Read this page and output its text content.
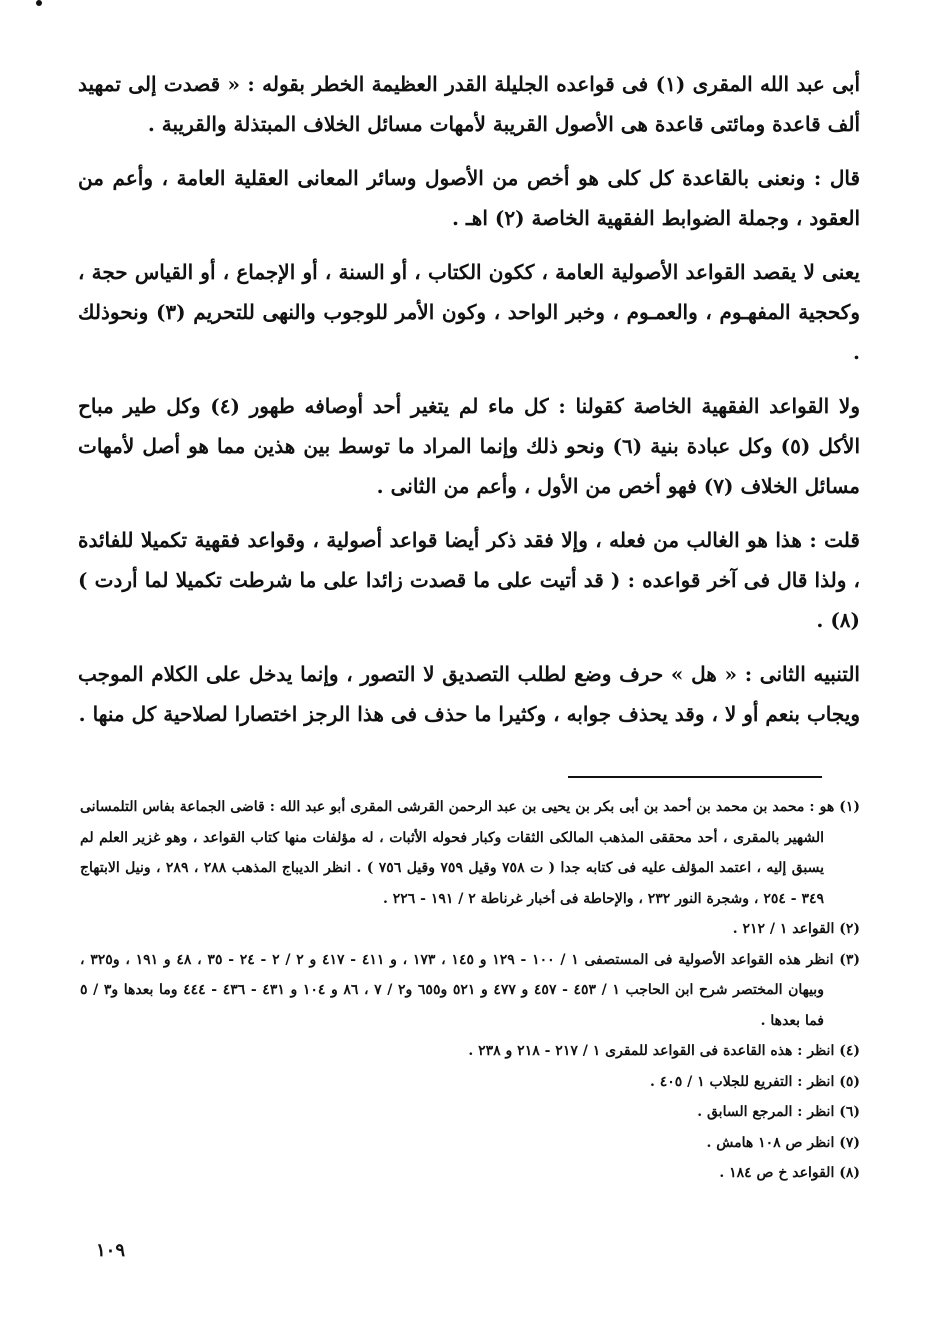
أبى عبد الله المقرى (١) فى قواعده الجليلة القدر العظيمة الخطر بقوله : « قصدت إلى تمهيد ألف قاعدة ومائتى قاعدة هى الأصول القريبة لأمهات مسائل الخلاف المبتذلة والقريبة .

قال : ونعنى بالقاعدة كل كلى هو أخص من الأصول وسائر المعانى العقلية العامة ، وأعم من العقود ، وجملة الضوابط الفقهية الخاصة (٢) اهـ .

يعنى لا يقصد القواعد الأصولية العامة ، ككون الكتاب ، أو السنة ، أو الإجماع ، أو القياس حجة ، وكحجية المفهـوم ، والعمـوم ، وخبر الواحد ، وكون الأمر للوجوب والنهى للتحريم (٣) ونحوذلك .

ولا القواعد الفقهية الخاصة كقولنا : كل ماء لم يتغير أحد أوصافه طهور (٤) وكل طير مباح الأكل (٥) وكل عبادة بنية (٦) ونحو ذلك وإنما المراد ما توسط بين هذين مما هو أصل لأمهات مسائل الخلاف (٧) فهو أخص من الأول ، وأعم من الثانى .

قلت : هذا هو الغالب من فعله ، وإلا فقد ذكر أيضا قواعد أصولية ، وقواعد فقهية تكميلا للفائدة ، ولذا قال فى آخر قواعده : ( قد أتيت على ما قصدت زائدا على ما شرطت تكميلا لما أردت ) (٨) .

التنبيه الثانى : « هل » حرف وضع لطلب التصديق لا التصور ، وإنما يدخل على الكلام الموجب ويجاب بنعم أو لا ، وقد يحذف جوابه ، وكثيرا ما حذف فى هذا الرجز اختصارا لصلاحية كل منها .

(١) هو : محمد بن محمد بن أحمد بن أبى بكر بن يحيى بن عبد الرحمن القرشى المقرى أبو عبد الله : قاضى الجماعة بفاس التلمسانى الشهير بالمقرى ، أحد محققى المذهب المالكى الثقات وكبار فحوله الأثبات ، له مؤلفات منها كتاب القواعد ، وهو غزير العلم لم يسبق إليه ، اعتمد المؤلف عليه فى كتابه جدا ( ت ٧٥٨ وقيل ٧٥٩ وقيل ٧٥٦ ) . انظر الديباج المذهب ٢٨٨ ، ٢٨٩ ، ونيل الابتهاج ٣٤٩ - ٢٥٤ ، وشجرة النور ٢٣٢ ، والإحاطة فى أخبار غرناطة ٢ / ١٩١ - ٢٢٦ .

(٢) القواعد ١ / ٢١٢ .

(٣) انظر هذه القواعد الأصولية فى المستصفى ١ / ١٠٠ - ١٢٩ و ١٤٥ ، ١٧٣ ، و ٤١١ - ٤١٧ و ٢ / ٢ - ٢٤ - ٣٥ ، ٤٨ و ١٩١ ، و٣٢٥ ، وبيهان المختصر شرح ابن الحاجب ١ / ٤٥٣ - ٤٥٧ و ٤٧٧ و ٥٢١ و٦٥٥ و٢ / ٧ ، ٨٦ و ١٠٤ و ٤٣١ - ٤٣٦ - ٤٤٤ وما بعدها و٣ / ٥ فما بعدها .

(٤) انظر : هذه القاعدة فى القواعد للمقرى ١ / ٢١٧ - ٢١٨ و ٢٣٨ .

(٥) انظر : التفريع للجلاب ١ / ٤٠٥ .

(٦) انظر : المرجع السابق .

(٧) انظر ص ١٠٨ هامش .

(٨) القواعد خ ص ١٨٤ .

١٠٩
